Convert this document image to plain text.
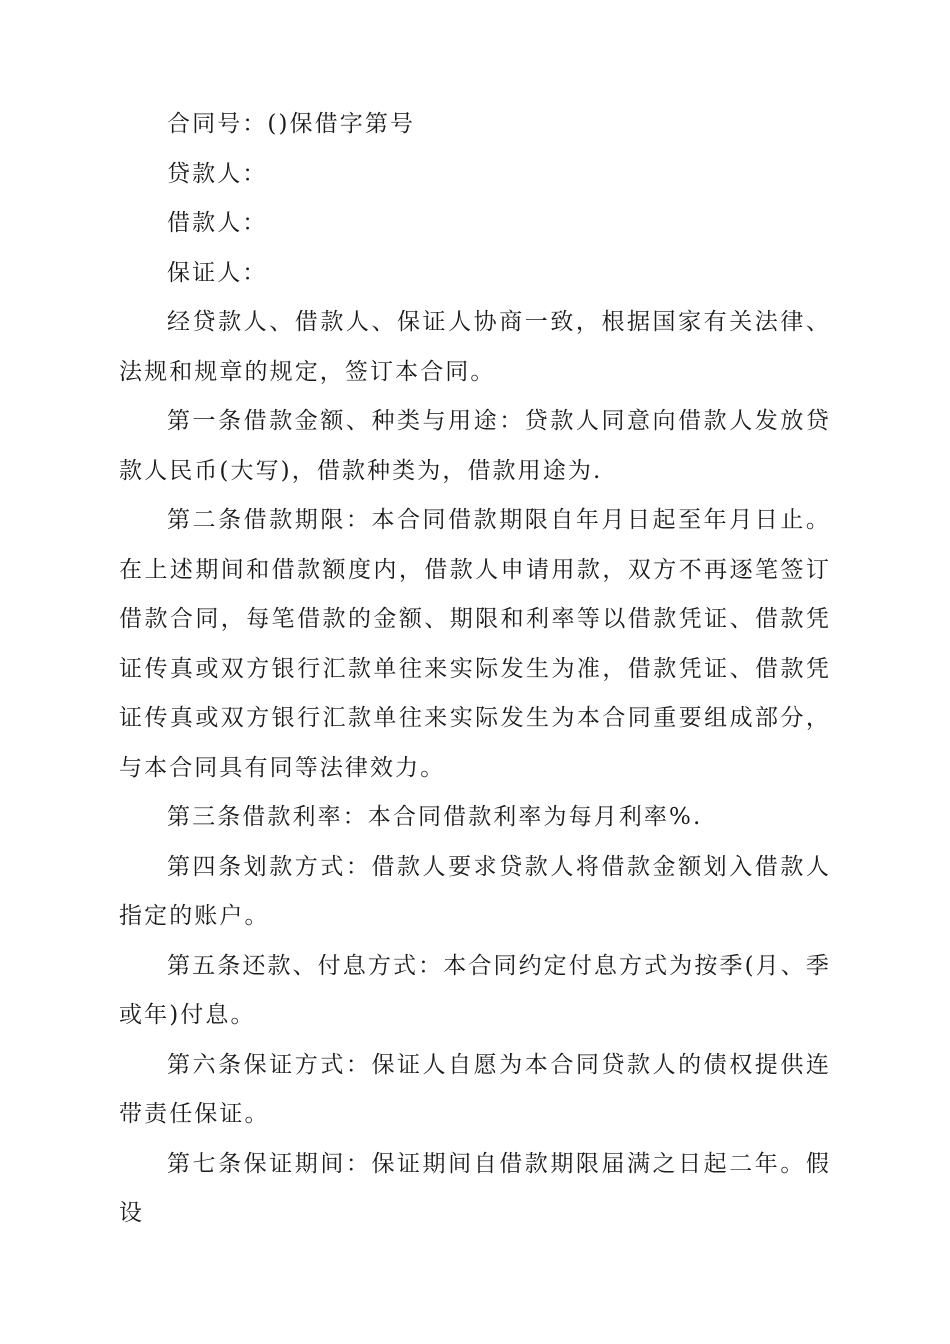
合同号：()保借字第号

贷款人：

借款人：

保证人：

经贷款人、借款人、保证人协商一致，根据国家有关法律、法规和规章的规定，签订本合同。

第一条借款金额、种类与用途：贷款人同意向借款人发放贷款人民币(大写)，借款种类为，借款用途为.

第二条借款期限：本合同借款期限自年月日起至年月日止。在上述期间和借款额度内，借款人申请用款，双方不再逐笔签订借款合同，每笔借款的金额、期限和利率等以借款凭证、借款凭证传真或双方银行汇款单往来实际发生为准，借款凭证、借款凭证传真或双方银行汇款单往来实际发生为本合同重要组成部分，与本合同具有同等法律效力。

第三条借款利率：本合同借款利率为每月利率%.

第四条划款方式：借款人要求贷款人将借款金额划入借款人指定的账户。

第五条还款、付息方式：本合同约定付息方式为按季(月、季或年)付息。

第六条保证方式：保证人自愿为本合同贷款人的债权提供连带责任保证。

第七条保证期间：保证期间自借款期限届满之日起二年。假设
